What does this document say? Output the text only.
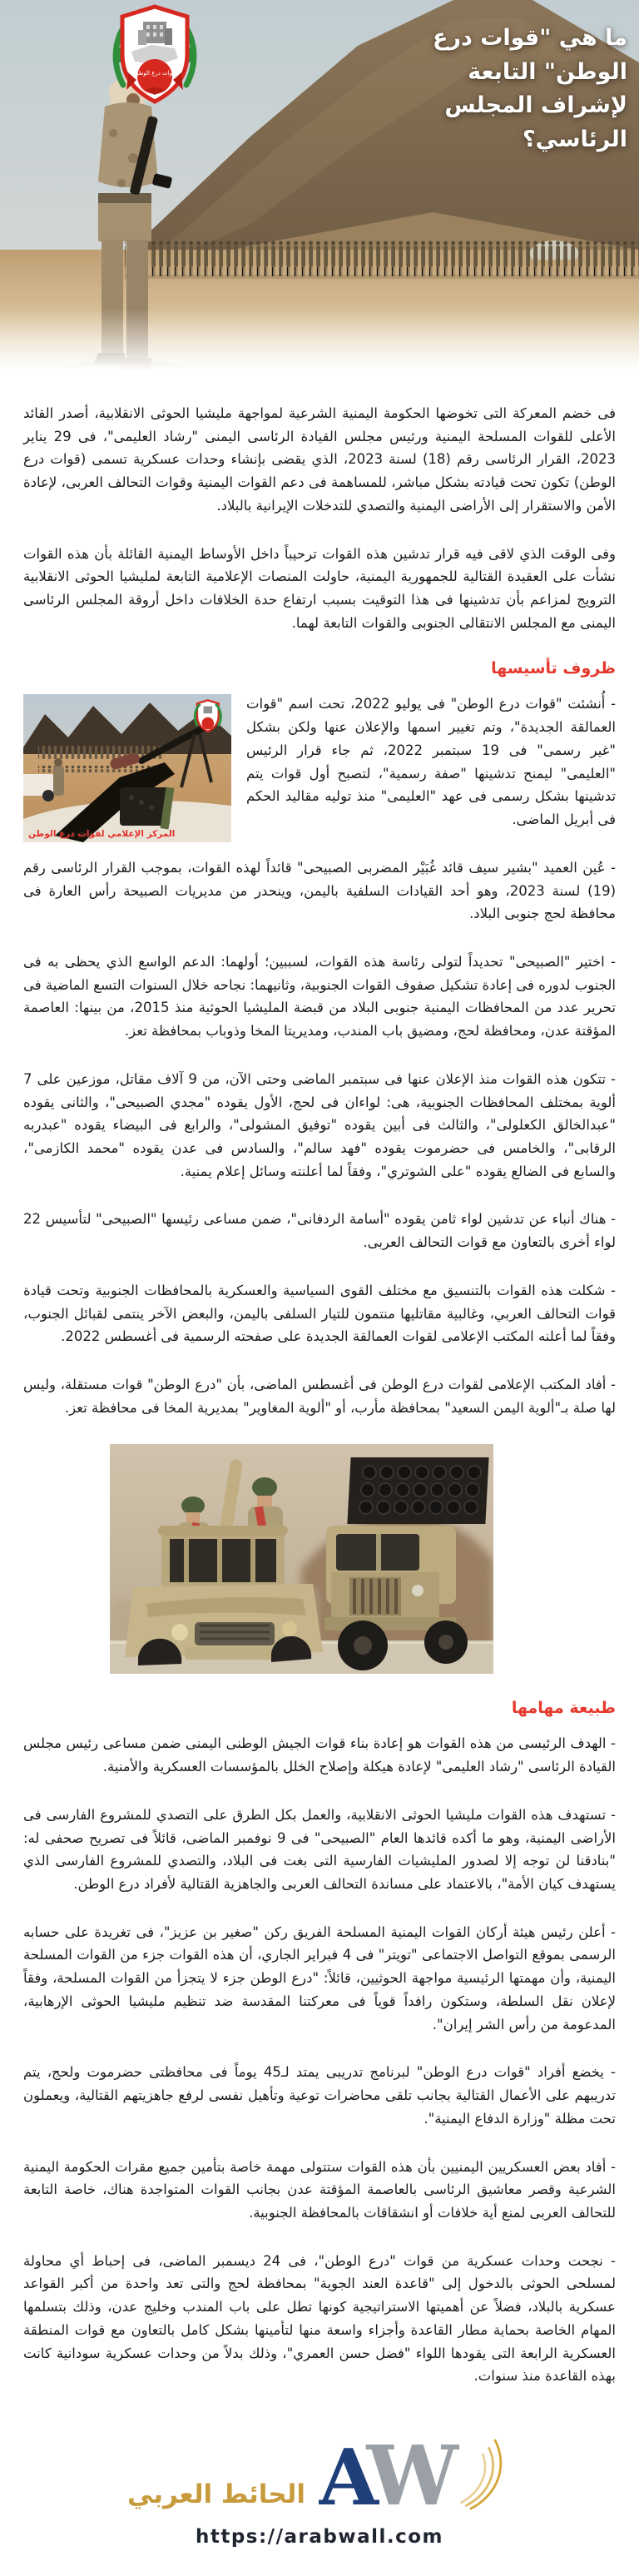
قوات درع الوطن
ما هي "قوات درع الوطن" التابعة لإشراف المجلس الرئاسي؟

فى خضم المعركة التى تخوضها الحكومة اليمنية الشرعية لمواجهة مليشيا الحوثى الانقلابية، أصدر القائد الأعلى للقوات المسلحة اليمنية ورئيس مجلس القيادة الرئاسى اليمنى "رشاد العليمى"، فى 29 يناير 2023، القرار الرئاسى رقم (18) لسنة 2023، الذي يقضى بإنشاء وحدات عسكرية تسمى (قوات درع الوطن) تكون تحت قيادته بشكل مباشر، للمساهمة فى دعم القوات اليمنية وقوات التحالف العربى، لإعادة الأمن والاستقرار إلى الأراضى اليمنية والتصدي للتدخلات الإيرانية بالبلاد.

وفى الوقت الذي لاقى فيه قرار تدشين هذه القوات ترحيباً داخل الأوساط اليمنية القائلة بأن هذه القوات نشأت على العقيدة القتالية للجمهورية اليمنية، حاولت المنصات الإعلامية التابعة لمليشيا الحوثى الانقلابية الترويج لمزاعم بأن تدشينها فى هذا التوقيت بسبب ارتفاع حدة الخلافات داخل أروقة المجلس الرئاسى اليمنى مع المجلس الانتقالى الجنوبى والقوات التابعة لهما.

ظروف تأسيسها
المركز الإعلامي لقوات درع الوطن

- أُنشئت "قوات درع الوطن" فى يوليو 2022، تحت اسم "قوات العمالقة الجديدة"، وتم تغيير اسمها والإعلان عنها ولكن بشكل "غير رسمى" فى 19 سبتمبر 2022، ثم جاء قرار الرئيس "العليمى" ليمنح تدشينها "صفة رسمية"، لتصبح أول قوات يتم تدشينها بشكل رسمى فى عهد "العليمى" منذ توليه مقاليد الحكم فى أبريل الماضى.

- عُين العميد "بشير سيف قائد غُبَيْر المضربى الصبيحى" قائداً لهذه القوات، بموجب القرار الرئاسى رقم (19) لسنة 2023، وهو أحد القيادات السلفية باليمن، وينحدر من مديريات الصبيحة رأس العارة فى محافظة لحج جنوبى البلاد.

- اختير "الصبيحى" تحديداً لتولى رئاسة هذه القوات، لسببين؛ أولهما: الدعم الواسع الذي يحظى به فى الجنوب لدوره فى إعادة تشكيل صفوف القوات الجنوبية، وثانيهما: نجاحه خلال السنوات التسع الماضية فى تحرير عدد من المحافظات اليمنية جنوبى البلاد من قبضة المليشيا الحوثية منذ 2015، من بينها: العاصمة المؤقتة عدن، ومحافظة لحج، ومضيق باب المندب، ومديريتا المخا وذوباب بمحافظة تعز.

- تتكون هذه القوات منذ الإعلان عنها فى سبتمبر الماضى وحتى الآن، من 9 آلاف مقاتل، موزعين على 7 ألوية بمختلف المحافظات الجنوبية، هى: لواءان فى لحج، الأول يقوده "مجدي الصبيحى"، والثانى يقوده "عبدالخالق الكعلولى"، والثالث فى أبين يقوده "توفيق المشولى"، والرابع فى البيضاء يقوده "عبدربه الرقابى"، والخامس فى حضرموت يقوده "فهد سالم"، والسادس فى عدن يقوده "محمد الكازمى"، والسابع فى الضالع يقوده "على الشوتري"، وفقاً لما أعلنته وسائل إعلام يمنية.

- هناك أنباء عن تدشين لواء ثامن يقوده "أسامة الردفانى"، ضمن مساعى رئيسها "الصبيحى" لتأسيس 22 لواء أخرى بالتعاون مع قوات التحالف العربى.

- شكلت هذه القوات بالتنسيق مع مختلف القوى السياسية والعسكرية بالمحافظات الجنوبية وتحت قيادة قوات التحالف العربي، وغالبية مقاتليها منتمون للتيار السلفى باليمن، والبعض الآخر ينتمى لقبائل الجنوب، وفقاً لما أعلنه المكتب الإعلامى لقوات العمالقة الجديدة على صفحته الرسمية فى أغسطس 2022.

- أفاد المكتب الإعلامى لقوات درع الوطن فى أغسطس الماضى، بأن "درع الوطن" قوات مستقلة، وليس لها صلة بـ"ألوية اليمن السعيد" بمحافظة مأرب، أو "ألوية المغاوير" بمديرية المخا فى محافظة تعز.

طبيعة مهامها

- الهدف الرئيسى من هذه القوات هو إعادة بناء قوات الجيش الوطنى اليمنى ضمن مساعى رئيس مجلس القيادة الرئاسى "رشاد العليمى" لإعادة هيكلة وإصلاح الخلل بالمؤسسات العسكرية والأمنية.

- تستهدف هذه القوات مليشيا الحوثى الانقلابية، والعمل بكل الطرق على التصدي للمشروع الفارسى فى الأراضى اليمنية، وهو ما أكده قائدها العام "الصبيحى" فى 9 نوفمبر الماضى، قائلاً فى تصريح صحفى له: "بنادقنا لن توجه إلا لصدور المليشيات الفارسية التى بغت فى البلاد، والتصدي للمشروع الفارسى الذي يستهدف كيان الأمة"، بالاعتماد على مساندة التحالف العربى والجاهزية القتالية لأفراد درع الوطن.

- أعلن رئيس هيئة أركان القوات اليمنية المسلحة الفريق ركن "صغير بن عزيز"، فى تغريدة على حسابه الرسمى بموقع التواصل الاجتماعى "تويتر" فى 4 فبراير الجاري، أن هذه القوات جزء من القوات المسلحة اليمنية، وأن مهمتها الرئيسية مواجهة الحوثيين، قائلاً: "درع الوطن جزء لا يتجزأ من القوات المسلحة، وفقاً لإعلان نقل السلطة، وستكون رافداً قوياً فى معركتنا المقدسة ضد تنظيم مليشيا الحوثى الإرهابية، المدعومة من رأس الشر إيران".

- يخضع أفراد "قوات درع الوطن" لبرنامج تدريبى يمتد لـ45 يوماً فى محافظتى حضرموت ولحج، يتم تدريبهم على الأعمال القتالية بجانب تلقى محاضرات توعية وتأهيل نفسى لرفع جاهزيتهم القتالية، ويعملون تحت مظلة "وزارة الدفاع اليمنية".

- أفاد بعض العسكريين اليمنيين بأن هذه القوات ستتولى مهمة خاصة بتأمين جميع مقرات الحكومة اليمنية الشرعية وقصر معاشيق الرئاسى بالعاصمة المؤقتة عدن بجانب القوات المتواجدة هناك، خاصة التابعة للتحالف العربى لمنع أية خلافات أو انشقاقات بالمحافظة الجنوبية.

- نجحت وحدات عسكرية من قوات "درع الوطن"، فى 24 ديسمبر الماضى، فى إحباط أي محاولة لمسلحى الحوثى بالدخول إلى "قاعدة العند الجوية" بمحافظة لحج والتى تعد واحدة من أكبر القواعد عسكرية بالبلاد، فضلاً عن أهميتها الاستراتيجية كونها تطل على باب المندب وخليج عدن، وذلك بتسلمها المهام الخاصة بحماية مطار القاعدة وأجزاء واسعة منها لتأمينها بشكل كامل بالتعاون مع قوات المنطقة العسكرية الرابعة التى يقودها اللواء "فضل حسن العمري"، وذلك بدلاً من وحدات عسكرية سودانية كانت بهذه القاعدة منذ سنوات.

الحائط العربي W
A
https://arabwall.com
